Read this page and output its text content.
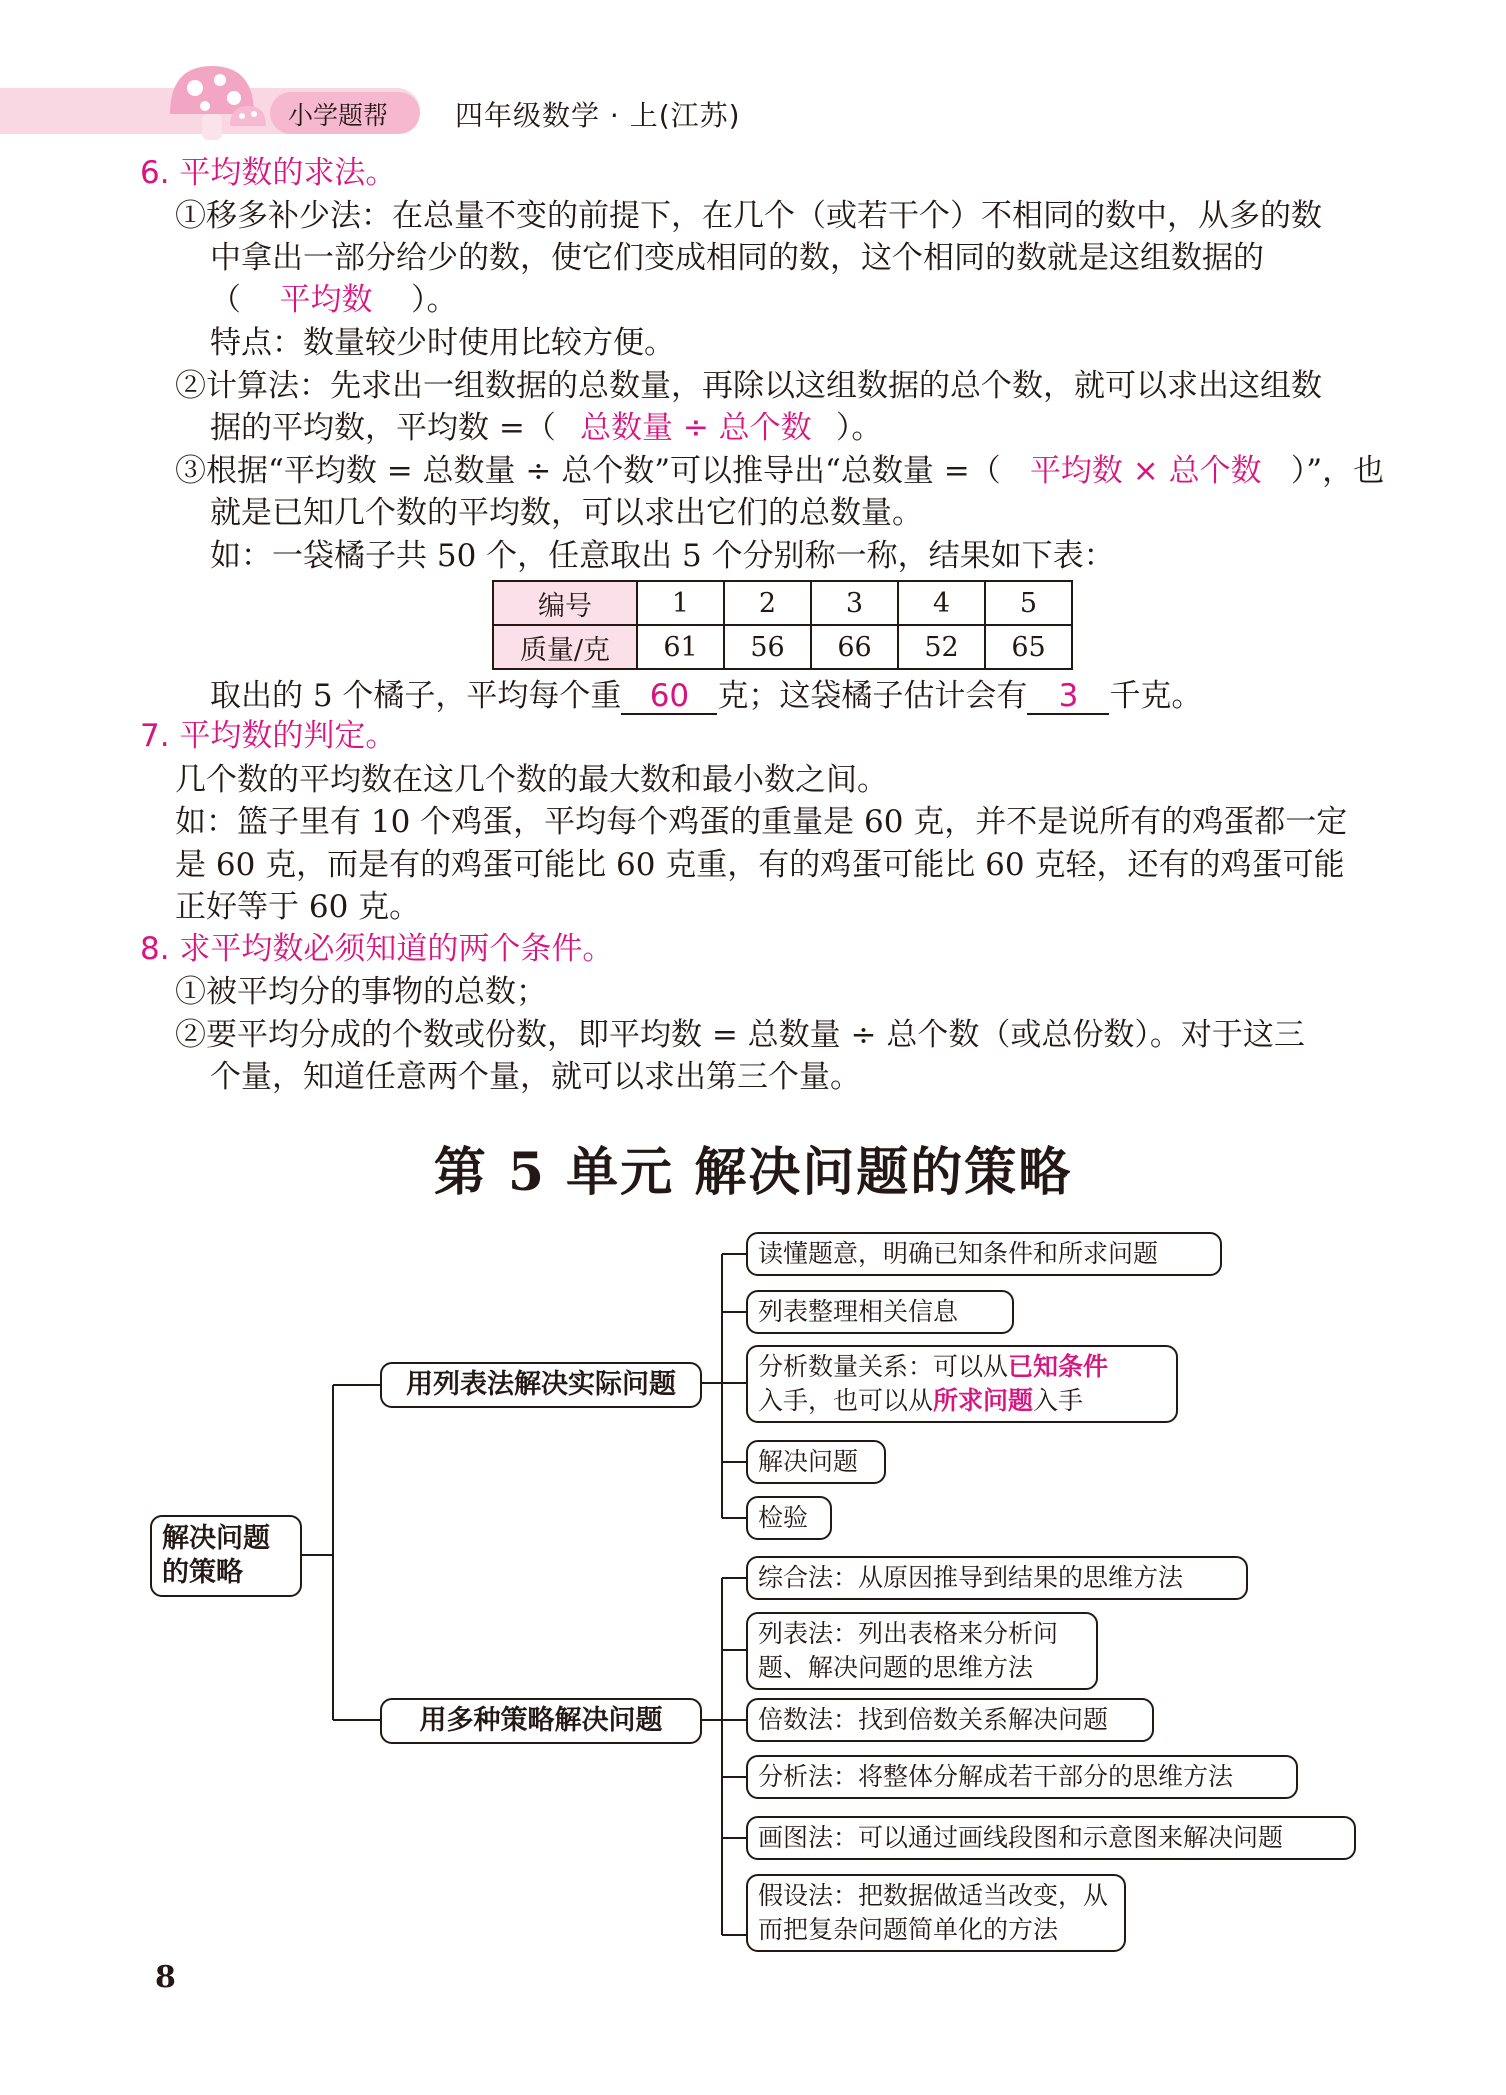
小学题帮 四年级数学 · 上(江苏)
6. 平均数的求法。
①移多补少法：在总量不变的前提下，在几个（或若干个）不相同的数中，从多的数
中拿出一部分给少的数，使它们变成相同的数，这个相同的数就是这组数据的
（ 平均数 ）。
特点：数量较少时使用比较方便。
②计算法：先求出一组数据的总数量，再除以这组数据的总个数，就可以求出这组数
据的平均数，平均数 =（ 总数量 ÷ 总个数 ）。
③根据“平均数 = 总数量 ÷ 总个数”可以推导出“总数量 =（ 平均数 × 总个数 ）”，也
就是已知几个数的平均数，可以求出它们的总数量。
如：一袋橘子共 50 个，任意取出 5 个分别称一称，结果如下表：
编号	1	2	3	4	5
质量/克	61	56	66	52	65
取出的 5 个橘子，平均每个重 60 克；这袋橘子估计会有 3 千克。
7. 平均数的判定。
几个数的平均数在这几个数的最大数和最小数之间。
如：篮子里有 10 个鸡蛋，平均每个鸡蛋的重量是 60 克，并不是说所有的鸡蛋都一定
是 60 克，而是有的鸡蛋可能比 60 克重，有的鸡蛋可能比 60 克轻，还有的鸡蛋可能
正好等于 60 克。
8. 求平均数必须知道的两个条件。
①被平均分的事物的总数；
②要平均分成的个数或份数，即平均数 = 总数量 ÷ 总个数（或总份数）。对于这三
个量，知道任意两个量，就可以求出第三个量。
第 5 单元 解决问题的策略
解决问题
的策略
用列表法解决实际问题
用多种策略解决问题
读懂题意，明确已知条件和所求问题
列表整理相关信息
分析数量关系：可以从已知条件
入手，也可以从所求问题入手
解决问题
检验
综合法：从原因推导到结果的思维方法
列表法：列出表格来分析问
题、解决问题的思维方法
倍数法：找到倍数关系解决问题
分析法：将整体分解成若干部分的思维方法
画图法：可以通过画线段图和示意图来解决问题
假设法：把数据做适当改变，从
而把复杂问题简单化的方法
8
